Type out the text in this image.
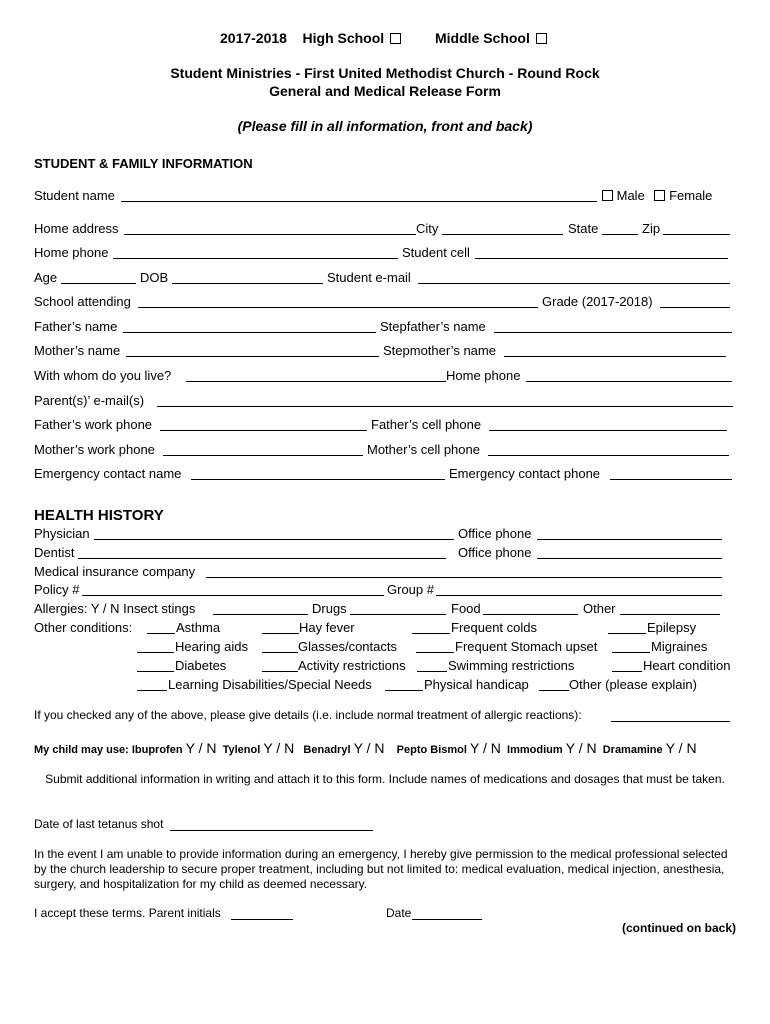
2017-2018 High School	Middle School
Student Ministries - First United Methodist Church - Round Rock
General and Medical Release Form
(Please fill in all information, front and back)
STUDENT & FAMILY INFORMATION
Student name	Male Female
Home address	City	State	Zip
Home phone	Student cell
Age	DOB	Student e-mail
School attending	Grade (2017-2018)
Father’s name	Stepfather’s name
Mother’s name	Stepmother’s name
With whom do you live?	Home phone
Parent(s)’ e-mail(s)
Father’s work phone	Father’s cell phone
Mother’s work phone	Mother’s cell phone
Emergency contact name	Emergency contact phone
HEALTH HISTORY
Physician	Office phone
Dentist	Office phone
Medical insurance company
Policy #	Group #
Allergies: Y / N Insect stings	Drugs	Food	Other
Other conditions:	Asthma	Hay fever	Frequent colds	Epilepsy
Hearing aids	Glasses/contacts	Frequent Stomach upset	Migraines
Diabetes	Activity restrictions	Swimming restrictions	Heart condition
Learning Disabilities/Special Needs	Physical handicap	Other (please explain)
If you checked any of the above, please give details (i.e. include normal treatment of allergic reactions):
My child may use: Ibuprofen Y / N Tylenol Y / N Benadryl Y / N Pepto Bismol Y / N Immodium Y / N Dramamine Y / N
Submit additional information in writing and attach it to this form. Include names of medications and dosages that must be taken.
Date of last tetanus shot
In the event I am unable to provide information during an emergency, I hereby give permission to the medical professional selected by the church leadership to secure proper treatment, including but not limited to: medical evaluation, medical injection, anesthesia, surgery, and hospitalization for my child as deemed necessary.
I accept these terms. Parent initials	Date
(continued on back)
